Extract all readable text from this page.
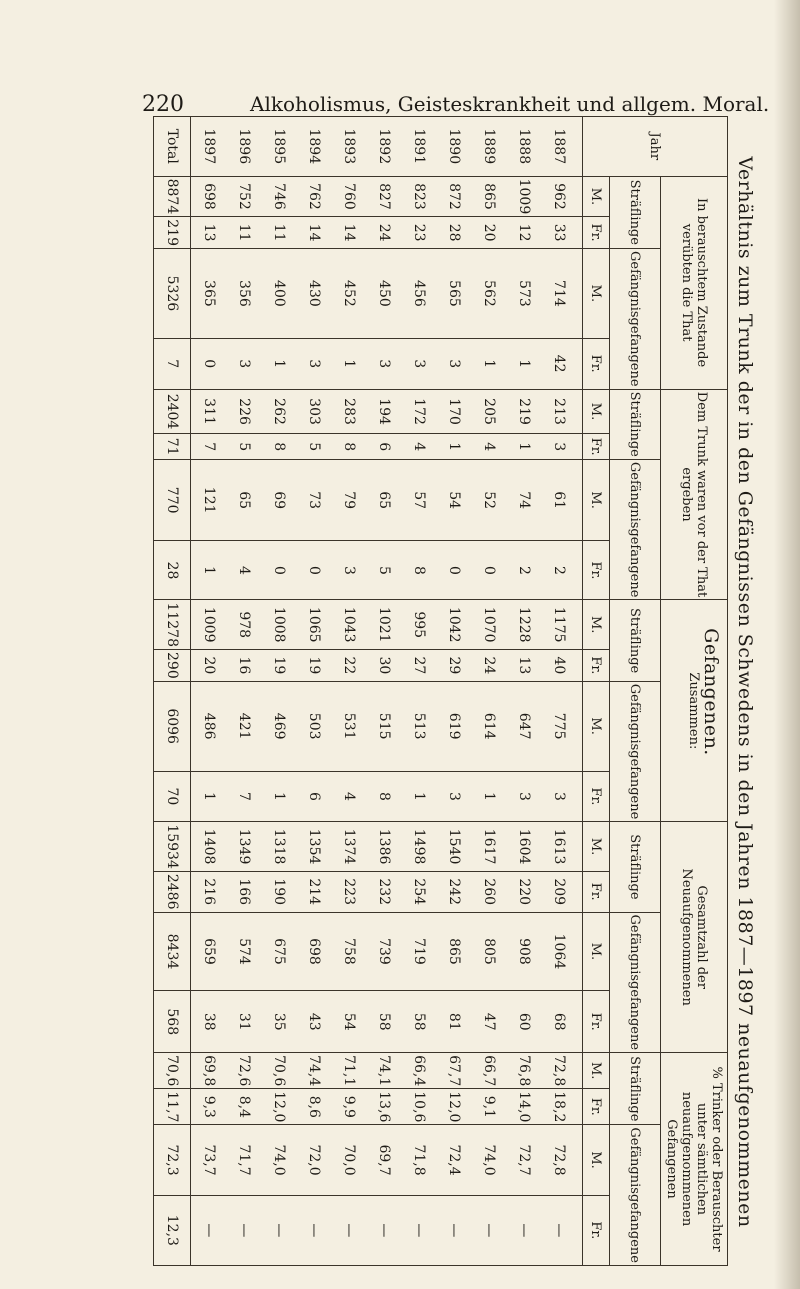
220	Alkoholismus, Geisteskrankheit und allgem. Moral.
Verhältnis zum Trunk der in den Gefängnissen Schwedens in den Jahren 1887—1897 neuaufgenommenen Gefangenen.
Jahr	In berauschtem Zustande verübten die That				Dem Trunk waren vor der That ergeben				Zusammen:				Gesamtzahl der Neuaufgenommenen				% Trinker oder Berauschter unter sämtlichen neuaufgenommenen Gefangenen			
	Sträflinge		Gefängnisgefangene		Sträflinge		Gefängnisgefangene		Sträflinge		Gefängnisgefangene		Sträflinge		Gefängnisgefangene		Sträflinge		Gefängnisgefangene	
	M.	Fr.	M.	Fr.	M.	Fr.	M.	Fr.	M.	Fr.	M.	Fr.	M.	Fr.	M.	Fr.	M.	Fr.	M.	Fr.
1887	962	33	714	42	213	3	61	2	1175	40	775	3	1613	209	1064	68	72,8	18,2	72,8	—
1888	1009	12	573	1	219	1	74	2	1228	13	647	3	1604	220	908	60	76,8	14,0	72,7	—
1889	865	20	562	1	205	4	52	0	1070	24	614	1	1617	260	805	47	66,7	9,1	74,0	—
1890	872	28	565	3	170	1	54	0	1042	29	619	3	1540	242	865	81	67,7	12,0	72,4	—
1891	823	23	456	3	172	4	57	8	995	27	513	1	1498	254	719	58	66,4	10,6	71,8	—
1892	827	24	450	3	194	6	65	5	1021	30	515	8	1386	232	739	58	74,1	13,6	69,7	—
1893	760	14	452	1	283	8	79	3	1043	22	531	4	1374	223	758	54	71,1	9,9	70,0	—
1894	762	14	430	3	303	5	73	0	1065	19	503	6	1354	214	698	43	74,4	8,6	72,0	—
1895	746	11	400	1	262	8	69	0	1008	19	469	1	1318	190	675	35	70,6	12,0	74,0	—
1896	752	11	356	3	226	5	65	4	978	16	421	7	1349	166	574	31	72,6	8,4	71,7	—
1897	698	13	365	0	311	7	121	1	1009	20	486	1	1408	216	659	38	69,8	9,3	73,7	—
Total	8874	219	5326	7	2404	71	770	28	11278	290	6096	70	15934	2486	8434	568	70,6	11,7	72,3	12,3
